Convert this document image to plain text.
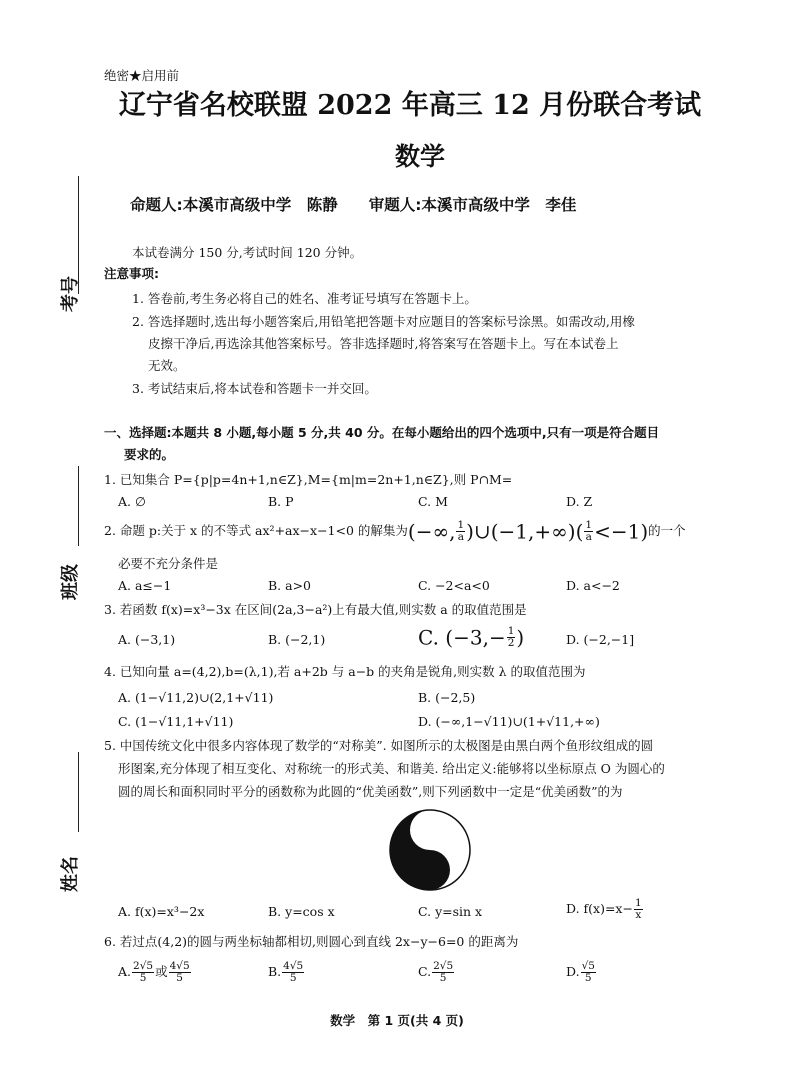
考号
班级
姓名
绝密★启用前
辽宁省名校联盟 2022 年高三 12 月份联合考试
数学
命题人:本溪市高级中学　陈静　　审题人:本溪市高级中学　李佳
本试卷满分 150 分,考试时间 120 分钟。
注意事项:
1. 答卷前,考生务必将自己的姓名、准考证号填写在答题卡上。
2. 答选择题时,选出每小题答案后,用铅笔把答题卡对应题目的答案标号涂黑。如需改动,用橡
皮擦干净后,再选涂其他答案标号。答非选择题时,将答案写在答题卡上。写在本试卷上
无效。
3. 考试结束后,将本试卷和答题卡一并交回。
一、选择题:本题共 8 小题,每小题 5 分,共 40 分。在每小题给出的四个选项中,只有一项是符合题目
要求的。
1. 已知集合 P={p|p=4n+1,n∈Z},M={m|m=2n+1,n∈Z},则 P∩M=
A. ∅	B. P	C. M	D. Z
2. 命题 p:关于 x 的不等式 ax²+ax−x−1<0 的解集为(−∞, $\frac{1}{a}$ )∪(−1,+∞)( $\frac{1}{a} <-1$)的一个
必要不充分条件是
A. a≤−1	B. a>0	C. −2<a<0	D. a<−2
3. 若函数 f(x)=x³−3x 在区间(2a,3−a²)上有最大值,则实数 a 的取值范围是
A. (−3,1)	B. (−2,1)	C. ($-3,- \frac{1}{2}$ )	D. (−2,−1]
4. 已知向量 a=(4,2),b=(λ,1),若 a+2b 与 a−b 的夹角是锐角,则实数 λ 的取值范围为
A. (1−√11,2)∪(2,1+√11)	B. (−2,5)
C. (1−√11,1+√11)	D. (−∞,1−√11)∪(1+√11,+∞)
5. 中国传统文化中很多内容体现了数学的“对称美”. 如图所示的太极图是由黑白两个鱼形纹组成的圆
形图案,充分体现了相互变化、对称统一的形式美、和谐美. 给出定义:能够将以坐标原点 O 为圆心的
圆的周长和面积同时平分的函数称为此圆的“优美函数”,则下列函数中一定是“优美函数”的为
A. f(x)=x³−2x	B. y=cos x	C. y=sin x	D. $f(x)=x- \frac{1}{x}$
6. 若过点(4,2)的圆与两坐标轴都相切,则圆心到直线 2x−y−6=0 的距离为
A. $\frac{2√5}{5}$ 或 $\frac{4√5}{5}$	B. $\frac{4√5}{5}$	C. $\frac{2√5}{5}$	D. $\frac{√5}{5}$
数学　第 1 页(共 4 页)
